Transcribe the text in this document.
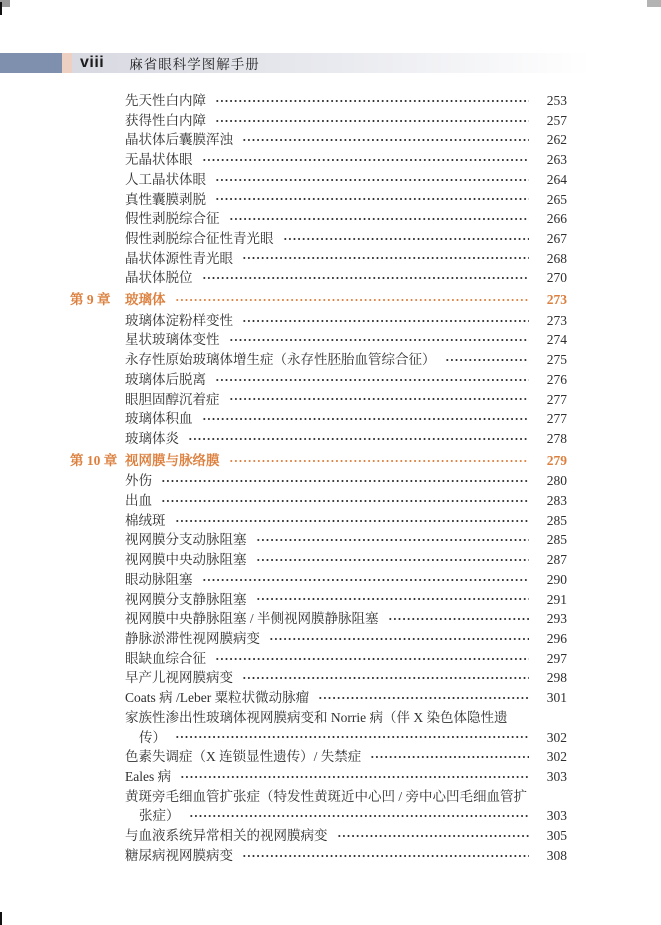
viii 麻省眼科学图解手册
先天性白内障	253
获得性白内障	257
晶状体后囊膜浑浊	262
无晶状体眼	263
人工晶状体眼	264
真性囊膜剥脱	265
假性剥脱综合征	266
假性剥脱综合征性青光眼	267
晶状体源性青光眼	268
晶状体脱位	270
第 9 章	玻璃体	273
玻璃体淀粉样变性	273
星状玻璃体变性	274
永存性原始玻璃体增生症（永存性胚胎血管综合征）	275
玻璃体后脱离	276
眼胆固醇沉着症	277
玻璃体积血	277
玻璃体炎	278
第 10 章 视网膜与脉络膜	279
外伤	280
出血	283
棉绒斑	285
视网膜分支动脉阻塞	285
视网膜中央动脉阻塞	287
眼动脉阻塞	290
视网膜分支静脉阻塞	291
视网膜中央静脉阻塞 / 半侧视网膜静脉阻塞	293
静脉淤滞性视网膜病变	296
眼缺血综合征	297
早产儿视网膜病变	298
Coats 病 /Leber 粟粒状微动脉瘤	301
家族性渗出性玻璃体视网膜病变和 Norrie 病（伴 X 染色体隐性遗
传）	302
色素失调症（X 连锁显性遗传）/ 失禁症	302
Eales 病	303
黄斑旁毛细血管扩张症（特发性黄斑近中心凹 / 旁中心凹毛细血管扩
张症）	303
与血液系统异常相关的视网膜病变	305
糖尿病视网膜病变	308
